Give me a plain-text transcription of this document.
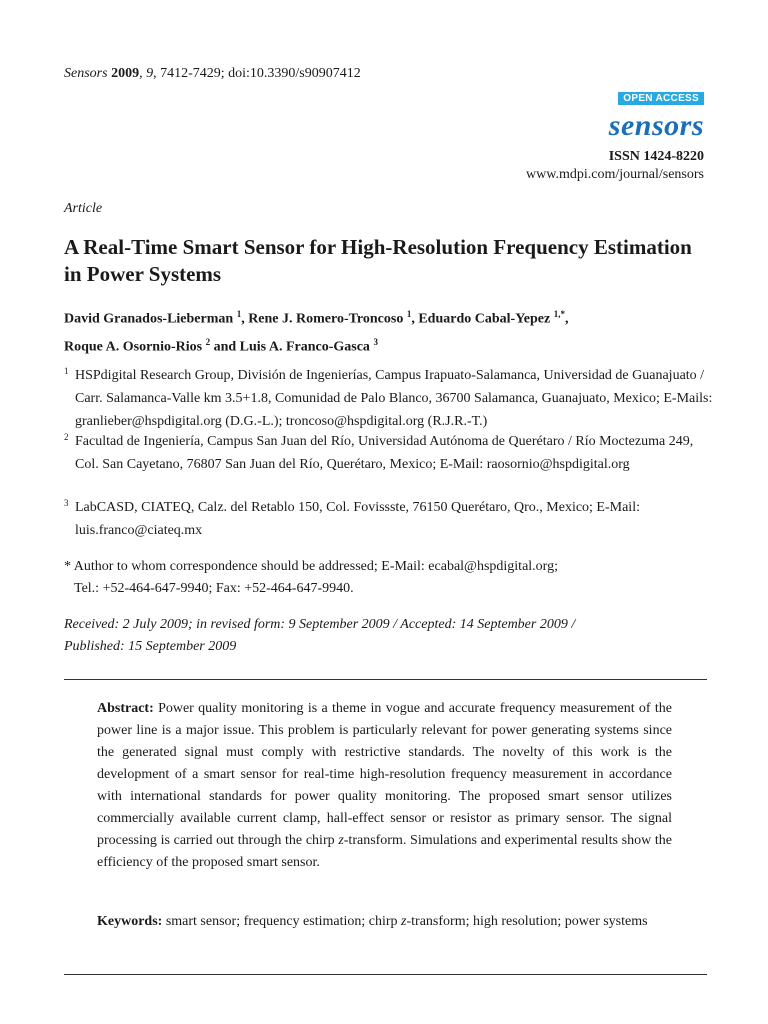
Sensors 2009, 9, 7412-7429; doi:10.3390/s90907412
OPEN ACCESS
sensors
ISSN 1424-8220
www.mdpi.com/journal/sensors
Article
A Real-Time Smart Sensor for High-Resolution Frequency Estimation in Power Systems
David Granados-Lieberman $^1$, Rene J. Romero-Troncoso $^1$, Eduardo Cabal-Yepez $^{1,*}$,
Roque A. Osornio-Rios $^2$ and Luis A. Franco-Gasca $^3$
1 HSPdigital Research Group, División de Ingenierías, Campus Irapuato-Salamanca, Universidad de Guanajuato / Carr. Salamanca-Valle km 3.5+1.8, Comunidad de Palo Blanco, 36700 Salamanca, Guanajuato, Mexico; E-Mails: granlieber@hspdigital.org (D.G.-L.); troncoso@hspdigital.org (R.J.R.-T.)
2 Facultad de Ingeniería, Campus San Juan del Río, Universidad Autónoma de Querétaro / Río Moctezuma 249, Col. San Cayetano, 76807 San Juan del Río, Querétaro, Mexico; E-Mail: raosornio@hspdigital.org
3 LabCASD, CIATEQ, Calz. del Retablo 150, Col. Fovissste, 76150 Querétaro, Qro., Mexico; E-Mail: luis.franco@ciateq.mx
* Author to whom correspondence should be addressed; E-Mail: ecabal@hspdigital.org;
Tel.: +52-464-647-9940; Fax: +52-464-647-9940.
Received: 2 July 2009; in revised form: 9 September 2009 / Accepted: 14 September 2009 /
Published: 15 September 2009
Abstract: Power quality monitoring is a theme in vogue and accurate frequency measurement of the power line is a major issue. This problem is particularly relevant for power generating systems since the generated signal must comply with restrictive standards. The novelty of this work is the development of a smart sensor for real-time high-resolution frequency measurement in accordance with international standards for power quality monitoring. The proposed smart sensor utilizes commercially available current clamp, hall-effect sensor or resistor as primary sensor. The signal processing is carried out through the chirp z-transform. Simulations and experimental results show the efficiency of the proposed smart sensor.
Keywords: smart sensor; frequency estimation; chirp z-transform; high resolution; power systems
